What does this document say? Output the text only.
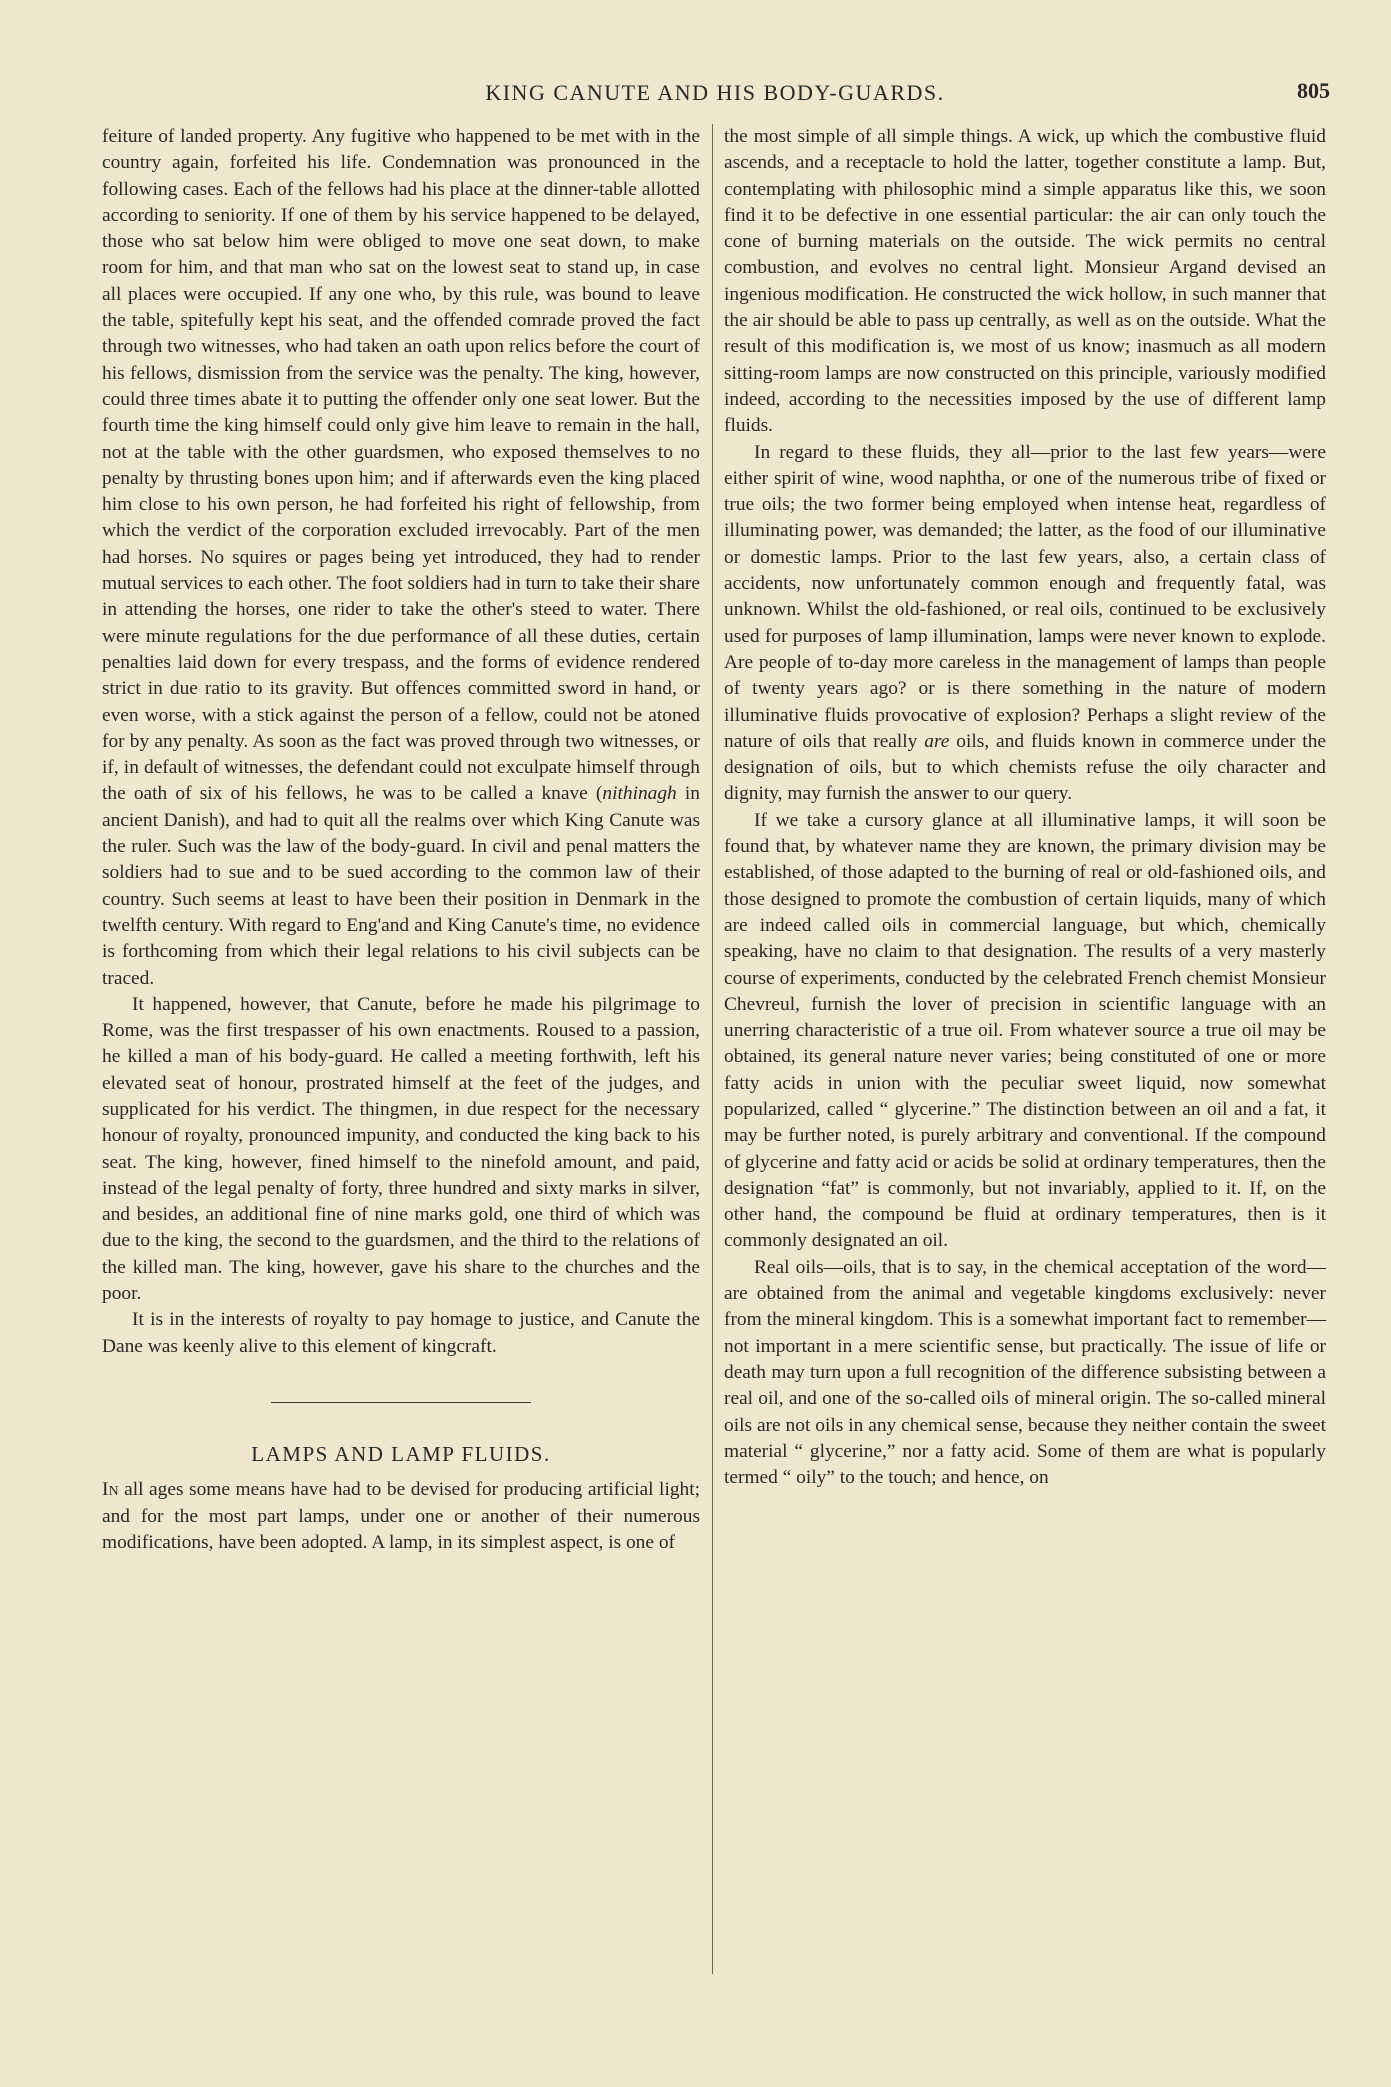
KING CANUTE AND HIS BODY-GUARDS.	805

feiture of landed property. Any fugitive who happened to be met with in the country again, forfeited his life. Condemnation was pronounced in the following cases. Each of the fellows had his place at the dinner-table allotted according to seniority. If one of them by his service happened to be delayed, those who sat below him were obliged to move one seat down, to make room for him, and that man who sat on the lowest seat to stand up, in case all places were occupied. If any one who, by this rule, was bound to leave the table, spitefully kept his seat, and the offended comrade proved the fact through two witnesses, who had taken an oath upon relics before the court of his fellows, dismission from the service was the penalty. The king, however, could three times abate it to putting the offender only one seat lower. But the fourth time the king himself could only give him leave to remain in the hall, not at the table with the other guardsmen, who exposed themselves to no penalty by thrusting bones upon him; and if afterwards even the king placed him close to his own person, he had forfeited his right of fellowship, from which the verdict of the corporation excluded irrevocably. Part of the men had horses. No squires or pages being yet introduced, they had to render mutual services to each other. The foot soldiers had in turn to take their share in attending the horses, one rider to take the other's steed to water. There were minute regulations for the due performance of all these duties, certain penalties laid down for every trespass, and the forms of evidence rendered strict in due ratio to its gravity. But offences committed sword in hand, or even worse, with a stick against the person of a fellow, could not be atoned for by any penalty. As soon as the fact was proved through two witnesses, or if, in default of witnesses, the defendant could not exculpate himself through the oath of six of his fellows, he was to be called a knave (nithinagh in ancient Danish), and had to quit all the realms over which King Canute was the ruler. Such was the law of the body-guard. In civil and penal matters the soldiers had to sue and to be sued according to the common law of their country. Such seems at least to have been their position in Denmark in the twelfth century. With regard to Eng'and and King Canute's time, no evidence is forthcoming from which their legal relations to his civil subjects can be traced.

It happened, however, that Canute, before he made his pilgrimage to Rome, was the first trespasser of his own enactments. Roused to a passion, he killed a man of his body-guard. He called a meeting forthwith, left his elevated seat of honour, prostrated himself at the feet of the judges, and supplicated for his verdict. The thingmen, in due respect for the necessary honour of royalty, pronounced impunity, and conducted the king back to his seat. The king, however, fined himself to the ninefold amount, and paid, instead of the legal penalty of forty, three hundred and sixty marks in silver, and besides, an additional fine of nine marks gold, one third of which was due to the king, the second to the guardsmen, and the third to the relations of the killed man. The king, however, gave his share to the churches and the poor.

It is in the interests of royalty to pay homage to justice, and Canute the Dane was keenly alive to this element of kingcraft.

LAMPS AND LAMP FLUIDS.

In all ages some means have had to be devised for producing artificial light; and for the most part lamps, under one or another of their numerous modifications, have been adopted. A lamp, in its simplest aspect, is one of

the most simple of all simple things. A wick, up which the combustive fluid ascends, and a receptacle to hold the latter, together constitute a lamp. But, contemplating with philosophic mind a simple apparatus like this, we soon find it to be defective in one essential particular: the air can only touch the cone of burning materials on the outside. The wick permits no central combustion, and evolves no central light. Monsieur Argand devised an ingenious modification. He constructed the wick hollow, in such manner that the air should be able to pass up centrally, as well as on the outside. What the result of this modification is, we most of us know; inasmuch as all modern sitting-room lamps are now constructed on this principle, variously modified indeed, according to the necessities imposed by the use of different lamp fluids.

In regard to these fluids, they all—prior to the last few years—were either spirit of wine, wood naphtha, or one of the numerous tribe of fixed or true oils; the two former being employed when intense heat, regardless of illuminating power, was demanded; the latter, as the food of our illuminative or domestic lamps. Prior to the last few years, also, a certain class of accidents, now unfortunately common enough and frequently fatal, was unknown. Whilst the old-fashioned, or real oils, continued to be exclusively used for purposes of lamp illumination, lamps were never known to explode. Are people of to-day more careless in the management of lamps than people of twenty years ago? or is there something in the nature of modern illuminative fluids provocative of explosion? Perhaps a slight review of the nature of oils that really are oils, and fluids known in commerce under the designation of oils, but to which chemists refuse the oily character and dignity, may furnish the answer to our query.

If we take a cursory glance at all illuminative lamps, it will soon be found that, by whatever name they are known, the primary division may be established, of those adapted to the burning of real or old-fashioned oils, and those designed to promote the combustion of certain liquids, many of which are indeed called oils in commercial language, but which, chemically speaking, have no claim to that designation. The results of a very masterly course of experiments, conducted by the celebrated French chemist Monsieur Chevreul, furnish the lover of precision in scientific language with an unerring characteristic of a true oil. From whatever source a true oil may be obtained, its general nature never varies; being constituted of one or more fatty acids in union with the peculiar sweet liquid, now somewhat popularized, called “ glycerine.” The distinction between an oil and a fat, it may be further noted, is purely arbitrary and conventional. If the compound of glycerine and fatty acid or acids be solid at ordinary temperatures, then the designation “fat” is commonly, but not invariably, applied to it. If, on the other hand, the compound be fluid at ordinary temperatures, then is it commonly designated an oil.

Real oils—oils, that is to say, in the chemical acceptation of the word—are obtained from the animal and vegetable kingdoms exclusively: never from the mineral kingdom. This is a somewhat important fact to remember—not important in a mere scientific sense, but practically. The issue of life or death may turn upon a full recognition of the difference subsisting between a real oil, and one of the so-called oils of mineral origin. The so-called mineral oils are not oils in any chemical sense, because they neither contain the sweet material “ glycerine,” nor a fatty acid. Some of them are what is popularly termed “ oily” to the touch; and hence, on
